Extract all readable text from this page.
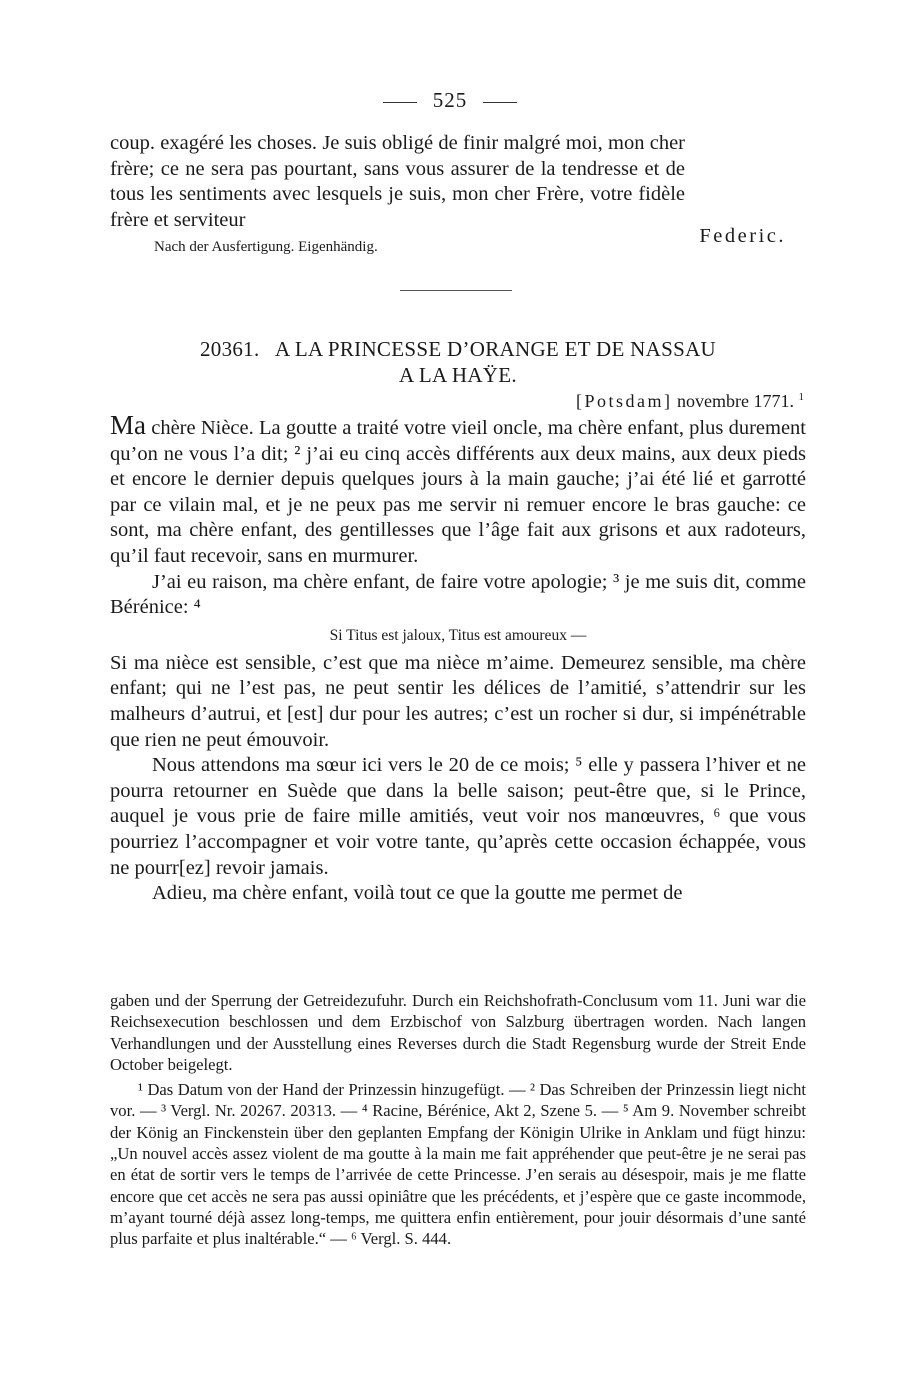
525

coup. exagéré les choses. Je suis obligé de finir malgré moi, mon cher frère; ce ne sera pas pourtant, sans vous assurer de la tendresse et de tous les sentiments avec lesquels je suis, mon cher Frère, votre fidèle frère et serviteur

Federic.

Nach der Ausfertigung. Eigenhändig.

20361. A LA PRINCESSE D’ORANGE ET DE NASSAU
A LA HAŸE.

[Potsdam] novembre 1771. $^1$

Ma chère Nièce. La goutte a traité votre vieil oncle, ma chère enfant, plus durement qu’on ne vous l’a dit; ² j’ai eu cinq accès différents aux deux mains, aux deux pieds et encore le dernier depuis quelques jours à la main gauche; j’ai été lié et garrotté par ce vilain mal, et je ne peux pas me servir ni remuer encore le bras gauche: ce sont, ma chère enfant, des gentillesses que l’âge fait aux grisons et aux radoteurs, qu’il faut recevoir, sans en murmurer.

J’ai eu raison, ma chère enfant, de faire votre apologie; ³ je me suis dit, comme Bérénice: ⁴

Si Titus est jaloux, Titus est amoureux —

Si ma nièce est sensible, c’est que ma nièce m’aime. Demeurez sensible, ma chère enfant; qui ne l’est pas, ne peut sentir les délices de l’amitié, s’attendrir sur les malheurs d’autrui, et [est] dur pour les autres; c’est un rocher si dur, si impénétrable que rien ne peut émouvoir.

Nous attendons ma sœur ici vers le 20 de ce mois; ⁵ elle y passera l’hiver et ne pourra retourner en Suède que dans la belle saison; peut-être que, si le Prince, auquel je vous prie de faire mille amitiés, veut voir nos manœuvres, ⁶ que vous pourriez l’accompagner et voir votre tante, qu’après cette occasion échappée, vous ne pourr[ez] revoir jamais.

Adieu, ma chère enfant, voilà tout ce que la goutte me permet de

gaben und der Sperrung der Getreidezufuhr. Durch ein Reichshofrath-Conclusum vom 11. Juni war die Reichsexecution beschlossen und dem Erzbischof von Salzburg übertragen worden. Nach langen Verhandlungen und der Ausstellung eines Reverses durch die Stadt Regensburg wurde der Streit Ende October beigelegt.

¹ Das Datum von der Hand der Prinzessin hinzugefügt. — ² Das Schreiben der Prinzessin liegt nicht vor. — ³ Vergl. Nr. 20267. 20313. — ⁴ Racine, Bérénice, Akt 2, Szene 5. — ⁵ Am 9. November schreibt der König an Finckenstein über den geplanten Empfang der Königin Ulrike in Anklam und fügt hinzu: „Un nouvel accès assez violent de ma goutte à la main me fait appréhender que peut-être je ne serai pas en état de sortir vers le temps de l’arrivée de cette Princesse. J’en serais au désespoir, mais je me flatte encore que cet accès ne sera pas aussi opiniâtre que les précédents, et j’espère que ce gaste incommode, m’ayant tourné déjà assez long-temps, me quittera enfin entièrement, pour jouir désormais d’une santé plus parfaite et plus inaltérable.“ — ⁶ Vergl. S. 444.
